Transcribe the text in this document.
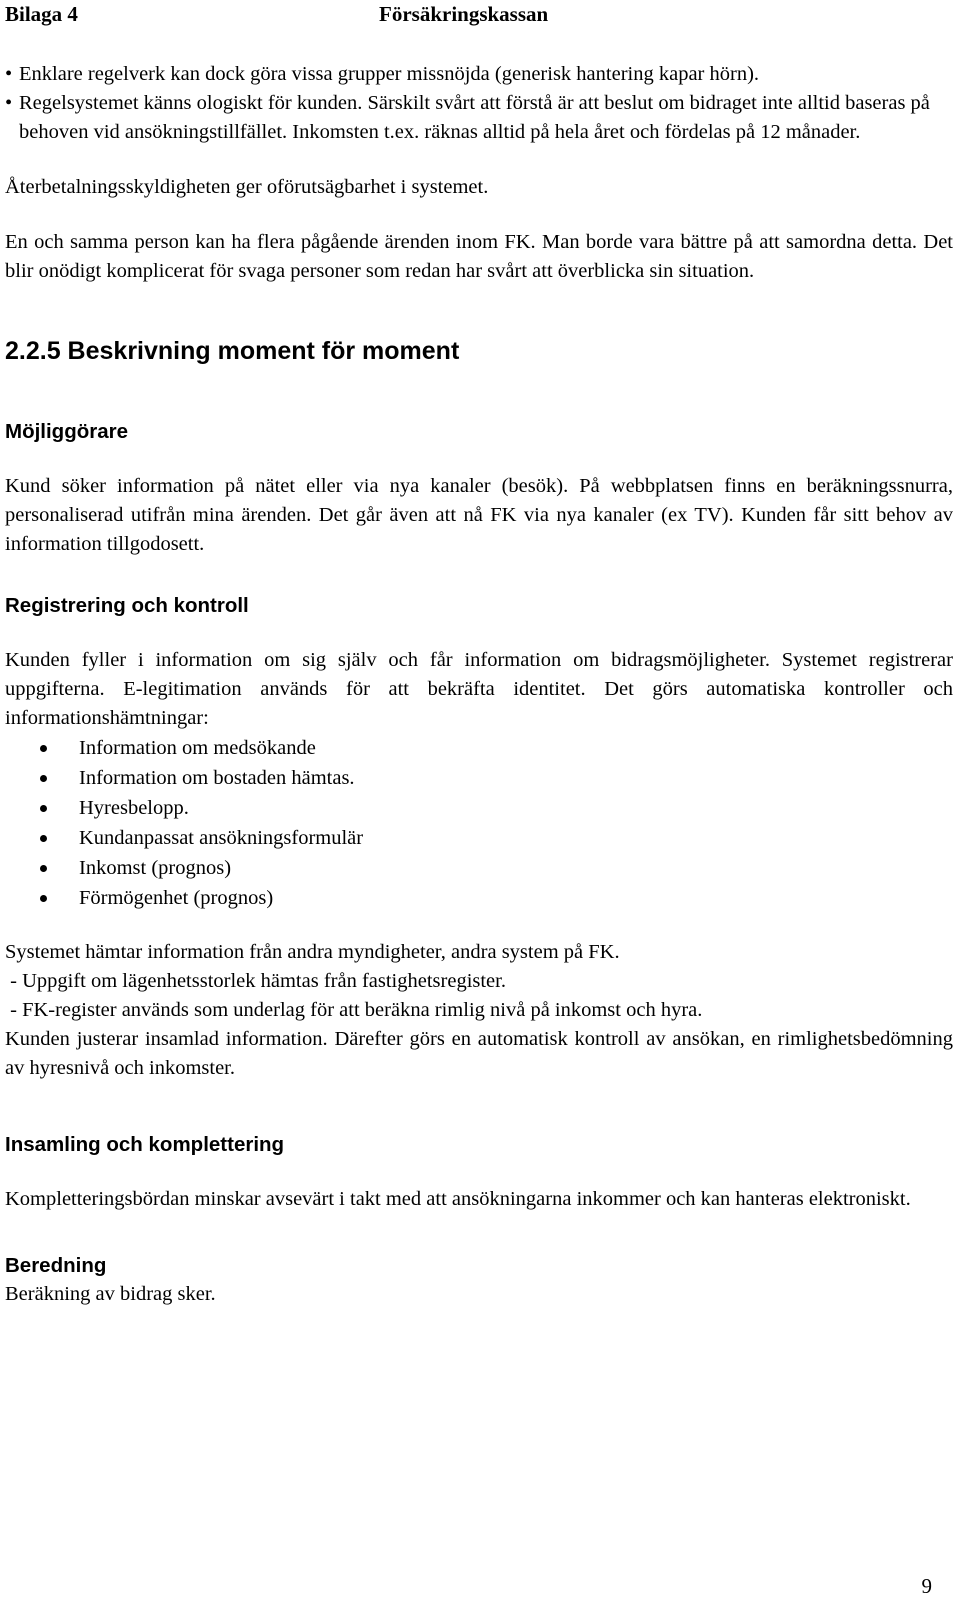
Bilaga 4	Försäkringskassan
• Enklare regelverk kan dock göra vissa grupper missnöjda (generisk hantering kapar hörn).
• Regelsystemet känns ologiskt för kunden. Särskilt svårt att förstå är att beslut om bidraget inte alltid baseras på behoven vid ansökningstillfället. Inkomsten t.ex. räknas alltid på hela året och fördelas på 12 månader.

Återbetalningsskyldigheten ger oförutsägbarhet i systemet.

En och samma person kan ha flera pågående ärenden inom FK. Man borde vara bättre på att samordna detta. Det blir onödigt komplicerat för svaga personer som redan har svårt att överblicka sin situation.

2.2.5 Beskrivning moment för moment
Möjliggörare

Kund söker information på nätet eller via nya kanaler (besök). På webbplatsen finns en beräkningssnurra, personaliserad utifrån mina ärenden. Det går även att nå FK via nya kanaler (ex TV). Kunden får sitt behov av information tillgodosett.

Registrering och kontroll

Kunden fyller i information om sig själv och får information om bidragsmöjligheter. Systemet registrerar uppgifterna. E-legitimation används för att bekräfta identitet. Det görs automatiska kontroller och informationshämtningar:

Information om medsökande
Information om bostaden hämtas.
Hyresbelopp.
Kundanpassat ansökningsformulär
Inkomst (prognos)
Förmögenhet (prognos)

Systemet hämtar information från andra myndigheter, andra system på FK.

- Uppgift om lägenhetsstorlek hämtas från fastighetsregister.

- FK-register används som underlag för att beräkna rimlig nivå på inkomst och hyra.

Kunden justerar insamlad information. Därefter görs en automatisk kontroll av ansökan, en rimlighetsbedömning av hyresnivå och inkomster.

Insamling och komplettering

Kompletteringsbördan minskar avsevärt i takt med att ansökningarna inkommer och kan hanteras elektroniskt.

Beredning

Beräkning av bidrag sker.

9
